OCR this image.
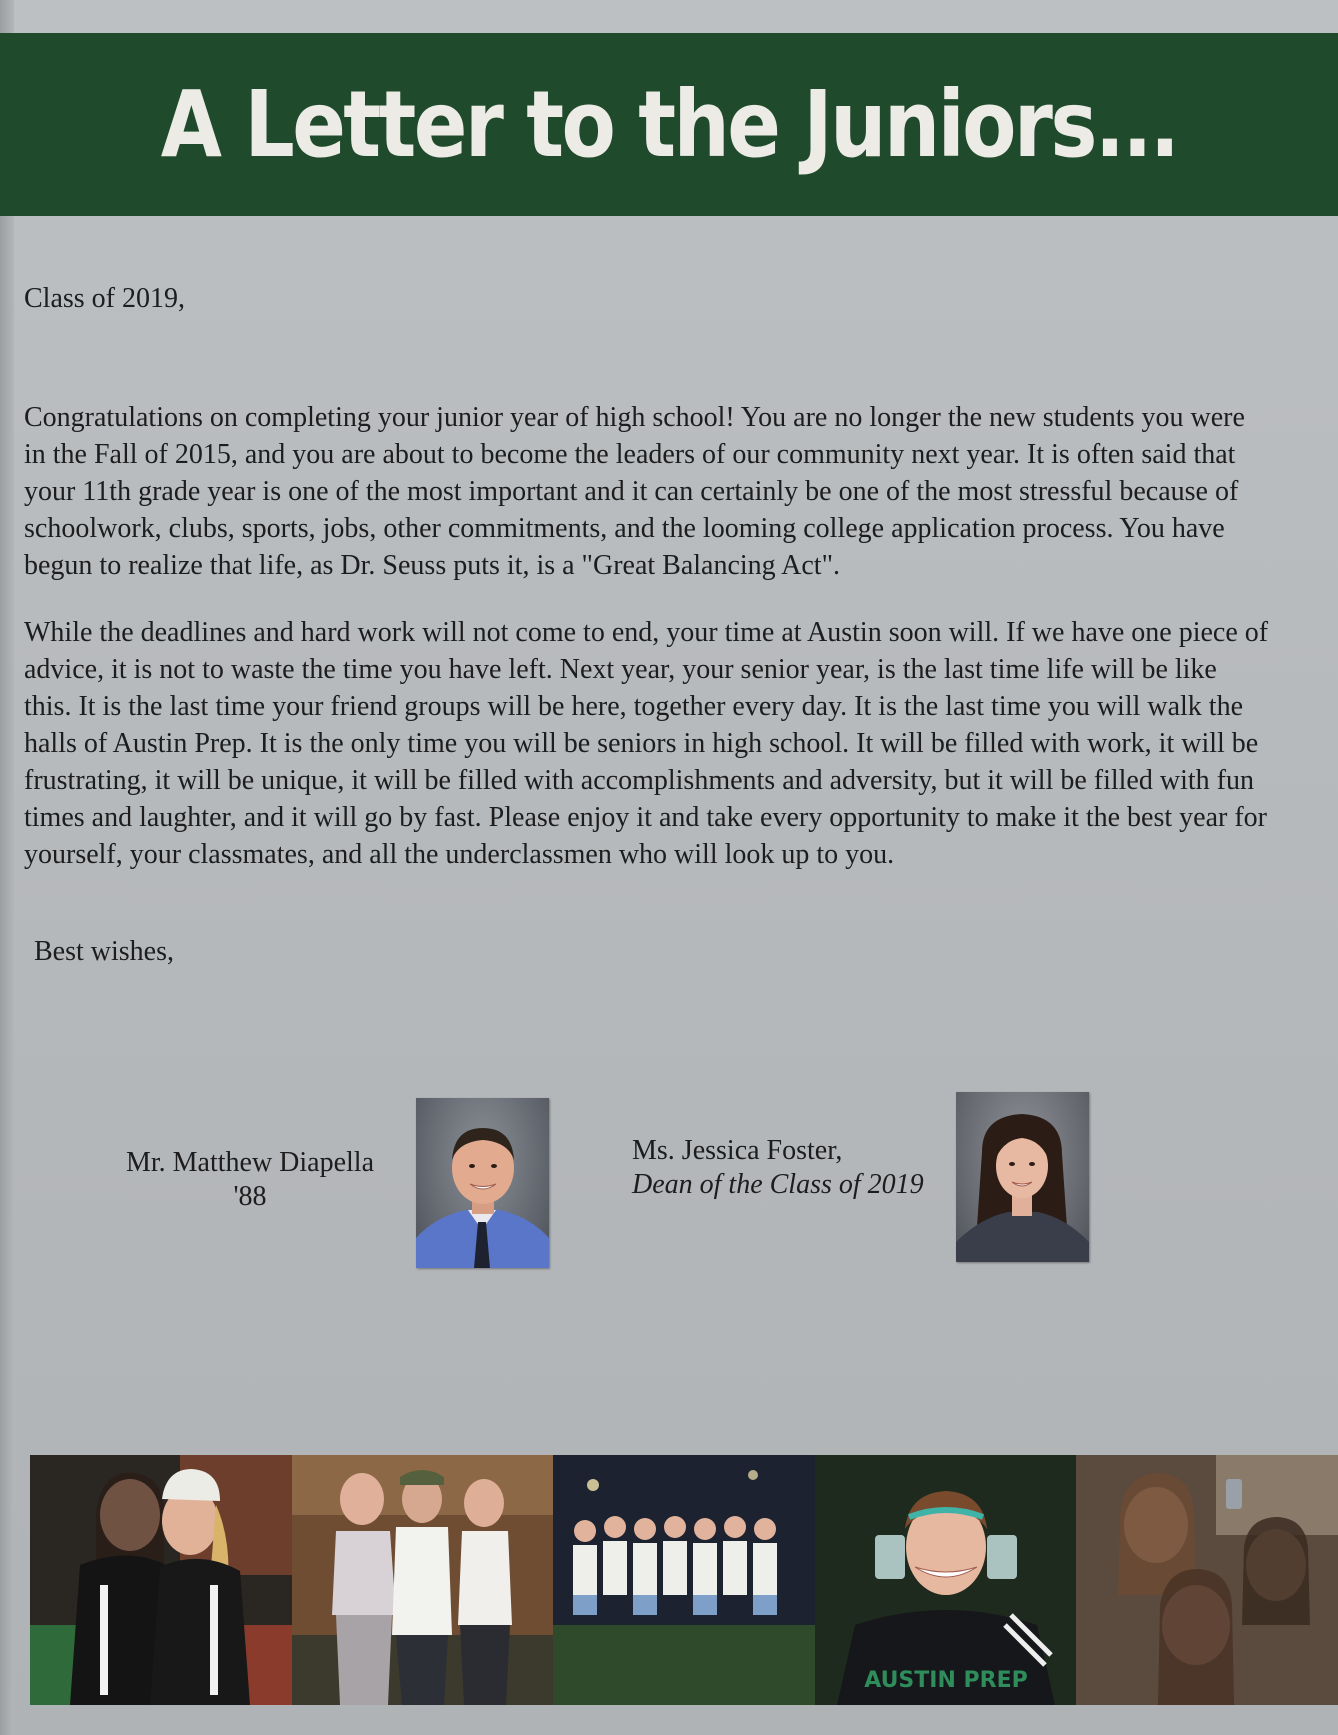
A Letter to the Juniors...

Class of 2019,

Congratulations on completing your junior year of high school! You are no longer the new students you were in the Fall of 2015, and you are about to become the leaders of our community next year. It is often said that your 11th grade year is one of the most important and it can certainly be one of the most stressful because of schoolwork, clubs, sports, jobs, other commitments, and the looming college application process. You have begun to realize that life, as Dr. Seuss puts it, is a "Great Balancing Act".

While the deadlines and hard work will not come to end, your time at Austin soon will. If we have one piece of advice, it is not to waste the time you have left. Next year, your senior year, is the last time life will be like this. It is the last time your friend groups will be here, together every day. It is the last time you will walk the halls of Austin Prep. It is the only time you will be seniors in high school. It will be filled with work, it will be frustrating, it will be unique, it will be filled with accomplishments and adversity, but it will be filled with fun times and laughter, and it will go by fast. Please enjoy it and take every opportunity to make it the best year for yourself, your classmates, and all the underclassmen who will look up to you.

Best wishes,

Mr. Matthew Diapella
'88
Ms. Jessica Foster,
Dean of the Class of 2019
AUSTIN PREP
